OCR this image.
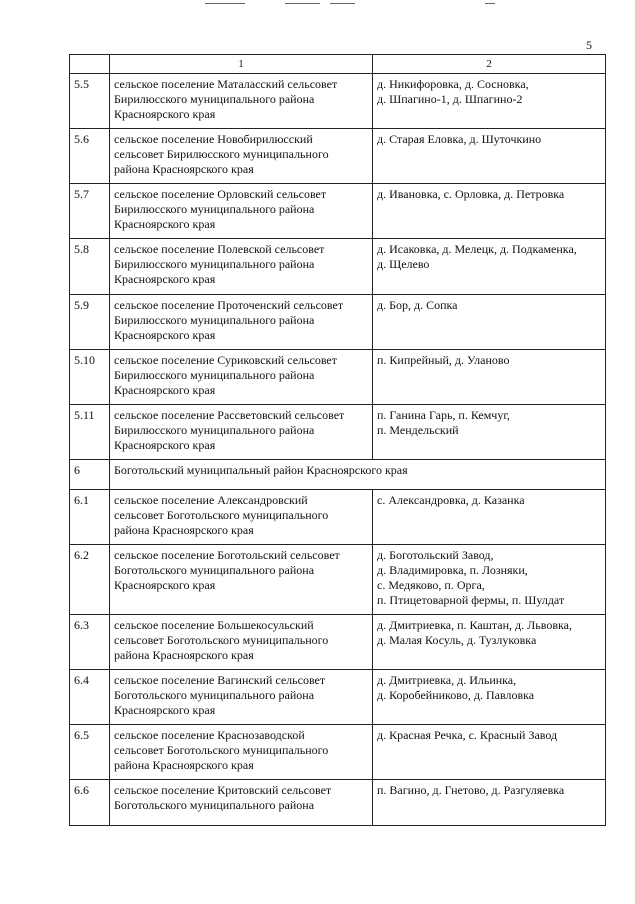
5
	1	2
5.5	сельское поселение Маталасский сельсовет
Бирилюсского муниципального района
Красноярского края	д. Никифоровка, д. Сосновка,
д. Шпагино-1, д. Шпагино-2
5.6	сельское поселение Новобирилюсский
сельсовет Бирилюсского муниципального
района Красноярского края	д. Старая Еловка, д. Шуточкино
5.7	сельское поселение Орловский сельсовет
Бирилюсского муниципального района
Красноярского края	д. Ивановка, с. Орловка, д. Петровка
5.8	сельское поселение Полевской сельсовет
Бирилюсского муниципального района
Красноярского края	д. Исаковка, д. Мелецк, д. Подкаменка,
д. Щелево
5.9	сельское поселение Проточенский сельсовет
Бирилюсского муниципального района
Красноярского края	д. Бор, д. Сопка
5.10	сельское поселение Суриковский сельсовет
Бирилюсского муниципального района
Красноярского края	п. Кипрейный, д. Уланово
5.11	сельское поселение Рассветовский сельсовет
Бирилюсского муниципального района
Красноярского края	п. Ганина Гарь, п. Кемчуг,
п. Мендельский
6	Боготольский муниципальный район Красноярского края	
6.1	сельское поселение Александровский
сельсовет Боготольского муниципального
района Красноярского края	с. Александровка, д. Казанка
6.2	сельское поселение Боготольский сельсовет
Боготольского муниципального района
Красноярского края	д. Боготольский Завод,
д. Владимировка, п. Лозняки,
с. Медяково, п. Орга,
п. Птицетоварной фермы, п. Шулдат
6.3	сельское поселение Большекосульский
сельсовет Боготольского муниципального
района Красноярского края	д. Дмитриевка, п. Каштан, д. Львовка,
д. Малая Косуль, д. Тузлуковка
6.4	сельское поселение Вагинский сельсовет
Боготольского муниципального района
Красноярского края	д. Дмитриевка, д. Ильинка,
д. Коробейниково, д. Павловка
6.5	сельское поселение Краснозаводской
сельсовет Боготольского муниципального
района Красноярского края	д. Красная Речка, с. Красный Завод
6.6	сельское поселение Критовский сельсовет
Боготольского муниципального района	п. Вагино, д. Гнетово, д. Разгуляевка
